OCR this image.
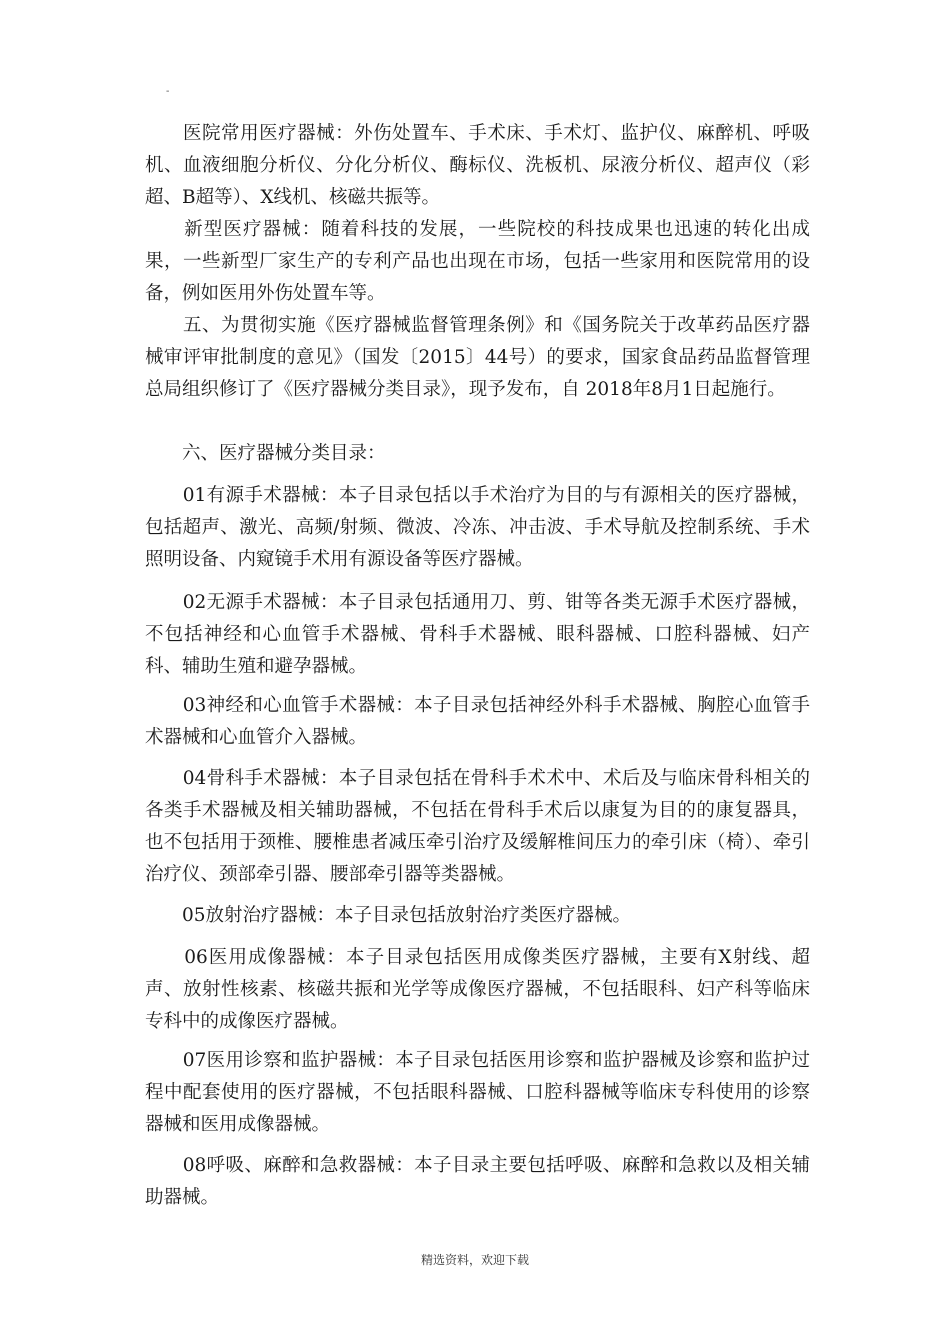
-

　　医院常用医疗器械：外伤处置车、手术床、手术灯、监护仪、麻醉机、呼吸机、血液细胞分析仪、分化分析仪、酶标仪、洗板机、尿液分析仪、超声仪（彩超、B超等）、X线机、核磁共振等。

　　新型医疗器械：随着科技的发展，一些院校的科技成果也迅速的转化出成果，一些新型厂家生产的专利产品也出现在市场，包括一些家用和医院常用的设备，例如医用外伤处置车等。

　　五、为贯彻实施《医疗器械监督管理条例》和《国务院关于改革药品医疗器械审评审批制度的意见》（国发〔2015〕44号）的要求，国家食品药品监督管理总局组织修订了《医疗器械分类目录》，现予发布，自 2018年8月1日起施行。

　　六、医疗器械分类目录：

　　01有源手术器械：本子目录包括以手术治疗为目的与有源相关的医疗器械，包括超声、激光、高频/射频、微波、冷冻、冲击波、手术导航及控制系统、手术照明设备、内窥镜手术用有源设备等医疗器械。

　　02无源手术器械：本子目录包括通用刀、剪、钳等各类无源手术医疗器械，不包括神经和心血管手术器械、骨科手术器械、眼科器械、口腔科器械、妇产科、辅助生殖和避孕器械。

　　03神经和心血管手术器械：本子目录包括神经外科手术器械、胸腔心血管手术器械和心血管介入器械。

　　04骨科手术器械：本子目录包括在骨科手术术中、术后及与临床骨科相关的各类手术器械及相关辅助器械，不包括在骨科手术后以康复为目的的康复器具，也不包括用于颈椎、腰椎患者减压牵引治疗及缓解椎间压力的牵引床（椅）、牵引治疗仪、颈部牵引器、腰部牵引器等类器械。

　　05放射治疗器械：本子目录包括放射治疗类医疗器械。

　　06医用成像器械：本子目录包括医用成像类医疗器械，主要有X射线、超声、放射性核素、核磁共振和光学等成像医疗器械，不包括眼科、妇产科等临床专科中的成像医疗器械。

　　07医用诊察和监护器械：本子目录包括医用诊察和监护器械及诊察和监护过程中配套使用的医疗器械，不包括眼科器械、口腔科器械等临床专科使用的诊察器械和医用成像器械。

　　08呼吸、麻醉和急救器械：本子目录主要包括呼吸、麻醉和急救以及相关辅助器械。

精选资料，欢迎下载
